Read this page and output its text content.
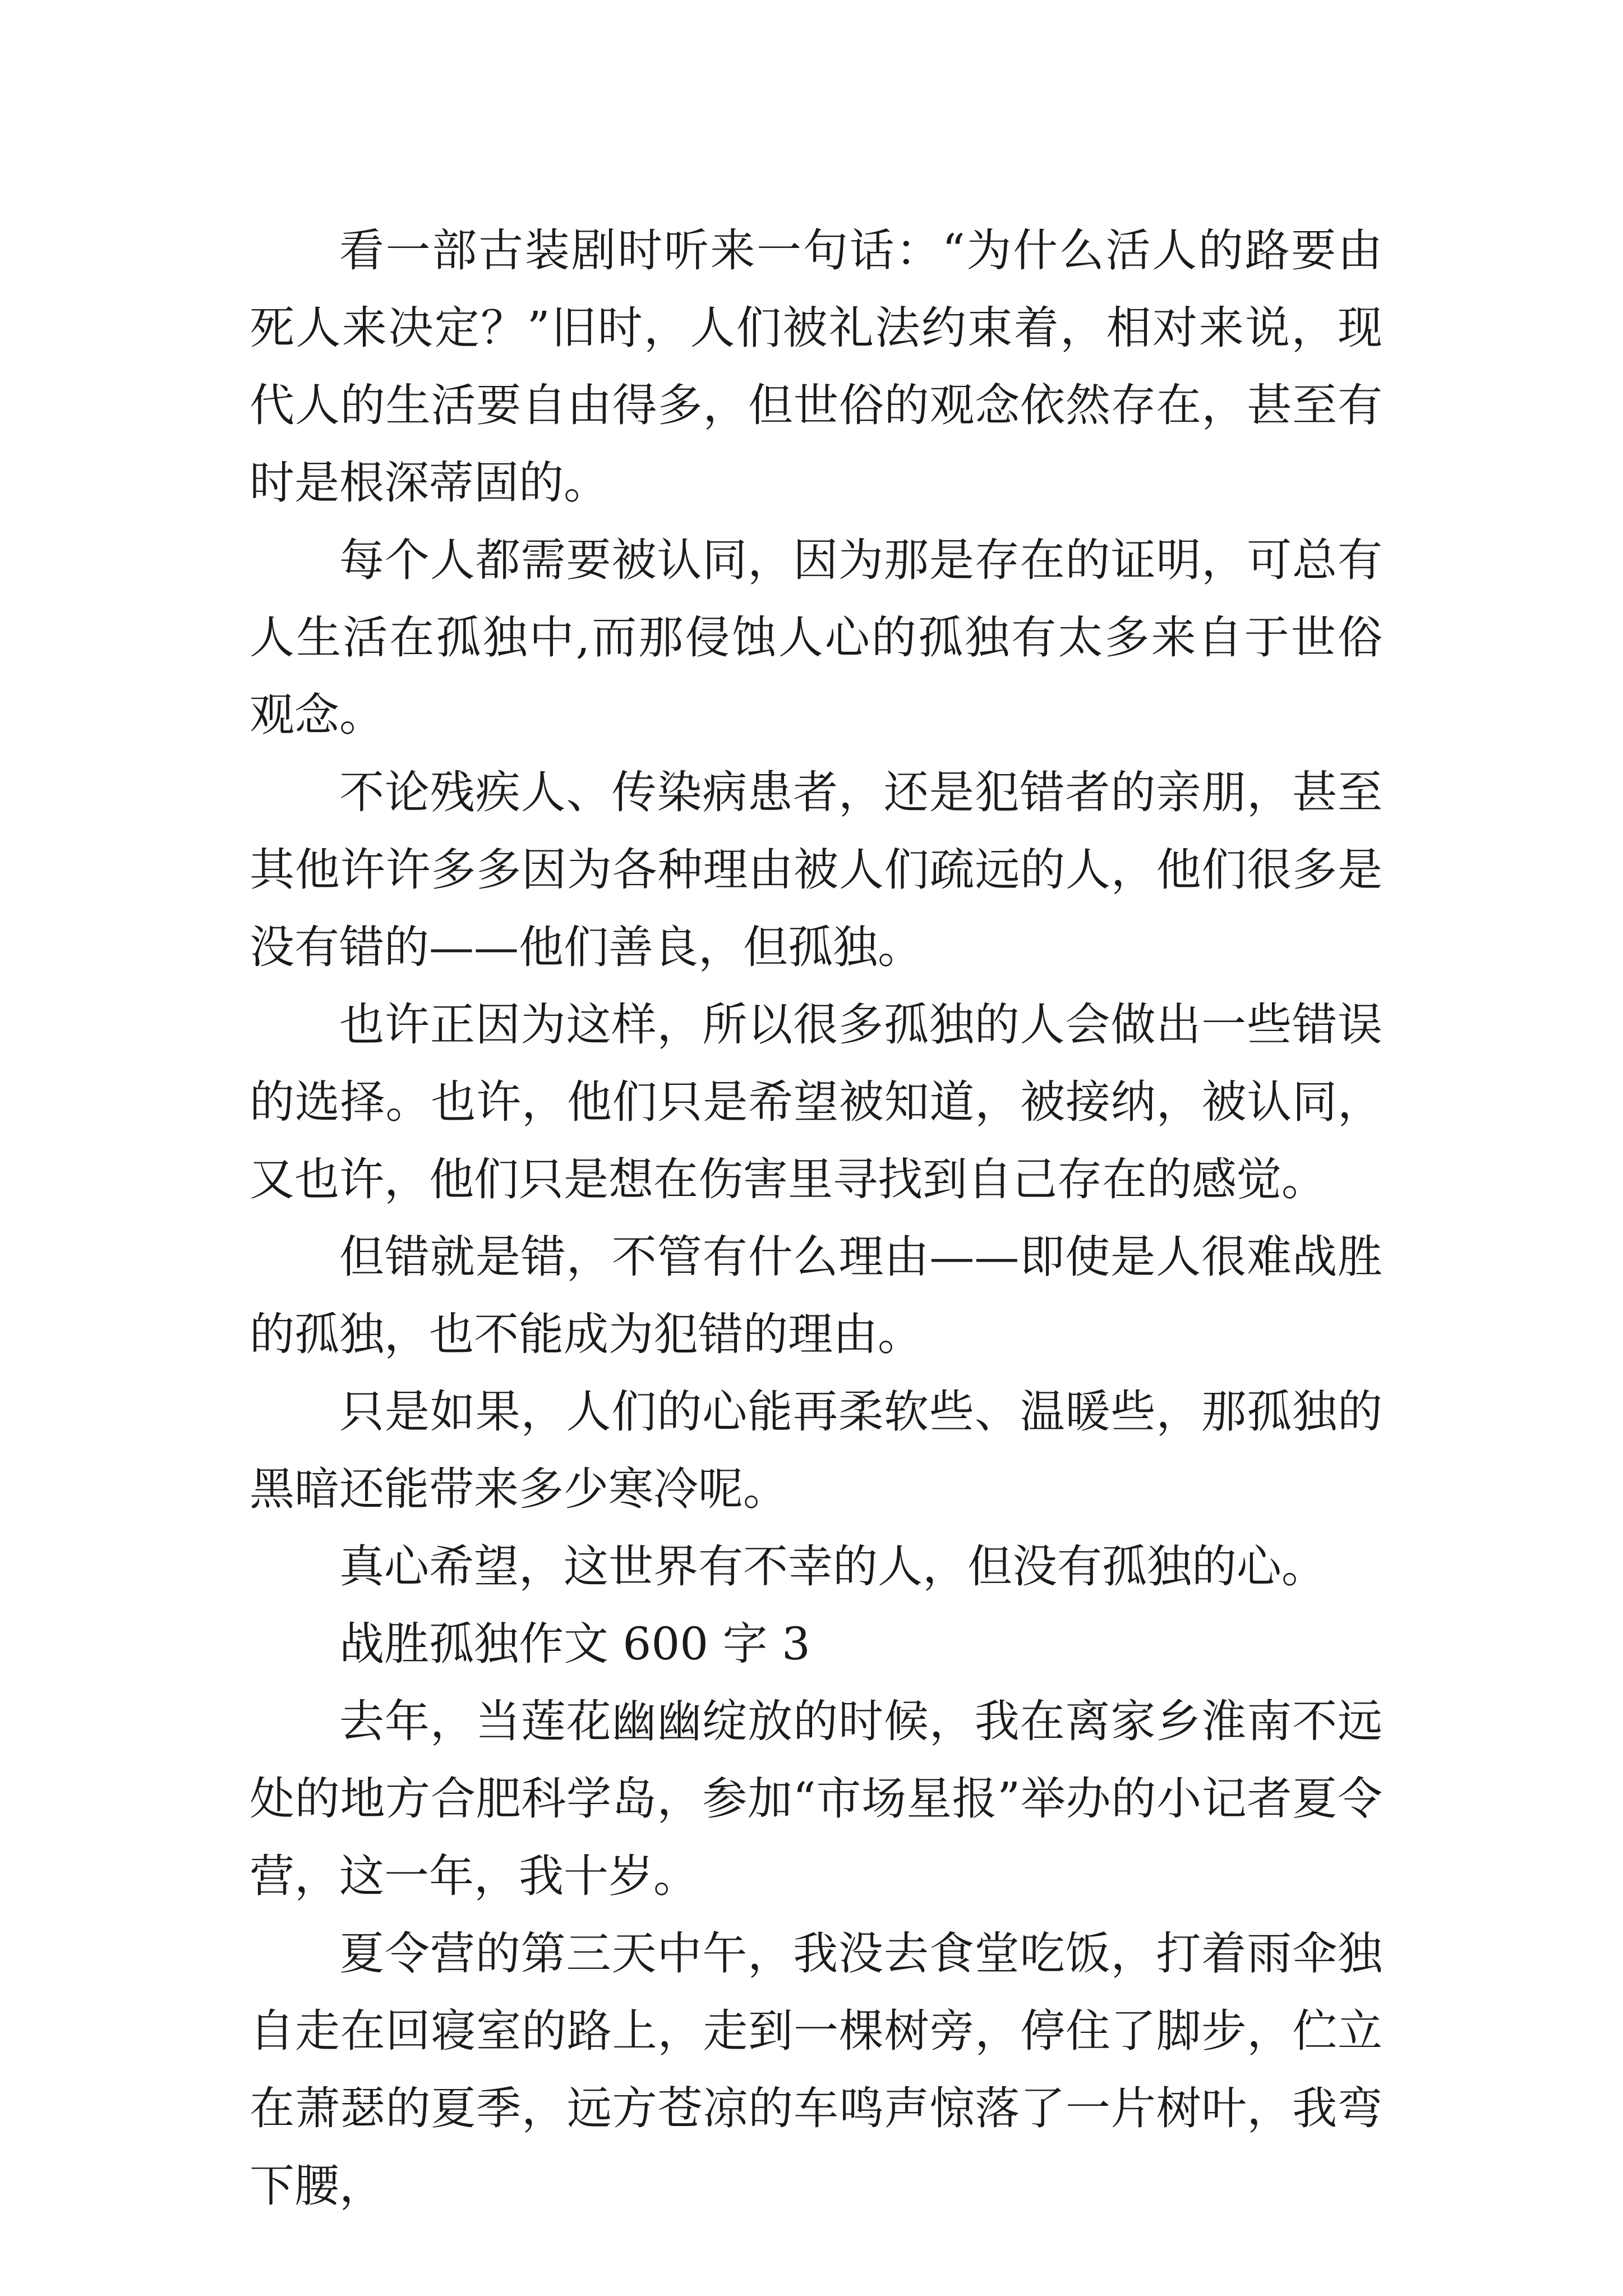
看一部古装剧时听来一句话：“为什么活人的路要由死人来决定？”旧时，人们被礼法约束着，相对来说，现代人的生活要自由得多，但世俗的观念依然存在，甚至有时是根深蒂固的。

每个人都需要被认同，因为那是存在的证明，可总有人生活在孤独中,而那侵蚀人心的孤独有太多来自于世俗观念。

不论残疾人、传染病患者，还是犯错者的亲朋，甚至其他许许多多因为各种理由被人们疏远的人，他们很多是没有错的——他们善良，但孤独。

也许正因为这样，所以很多孤独的人会做出一些错误的选择。也许，他们只是希望被知道，被接纳，被认同，又也许，他们只是想在伤害里寻找到自己存在的感觉。

但错就是错，不管有什么理由——即使是人很难战胜的孤独，也不能成为犯错的理由。

只是如果，人们的心能再柔软些、温暖些，那孤独的黑暗还能带来多少寒冷呢。

真心希望，这世界有不幸的人，但没有孤独的心。

战胜孤独作文 600 字 3

去年，当莲花幽幽绽放的时候，我在离家乡淮南不远处的地方合肥科学岛，参加“市场星报”举办的小记者夏令营，这一年，我十岁。

夏令营的第三天中午，我没去食堂吃饭，打着雨伞独自走在回寝室的路上，走到一棵树旁，停住了脚步，伫立在萧瑟的夏季，远方苍凉的车鸣声惊落了一片树叶，我弯下腰，
